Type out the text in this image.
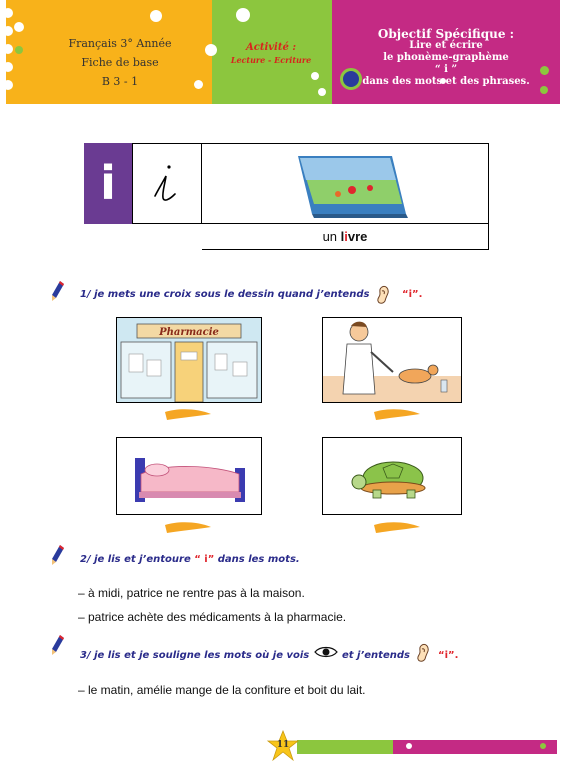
Français 3° Année
Fiche de base
B 3 - 1
Activité :
Lecture - Ecriture
Objectif Spécifique :
Lire et écrire
le phonème-graphème
“ i ”
dans des mots et des phrases.
i
un livre
1/ je mets une croix sous le dessin quand j’entends	“i”.
Pharmacie
2/ je lis et j’entoure “ i” dans les mots.
– à midi, patrice ne rentre pas à la maison.
– patrice achète des médicaments à la pharmacie.
3/ je lis et je souligne les mots où je vois	et j’entends	“i”.
– le matin, amélie mange de la confiture et boit du lait.
11
